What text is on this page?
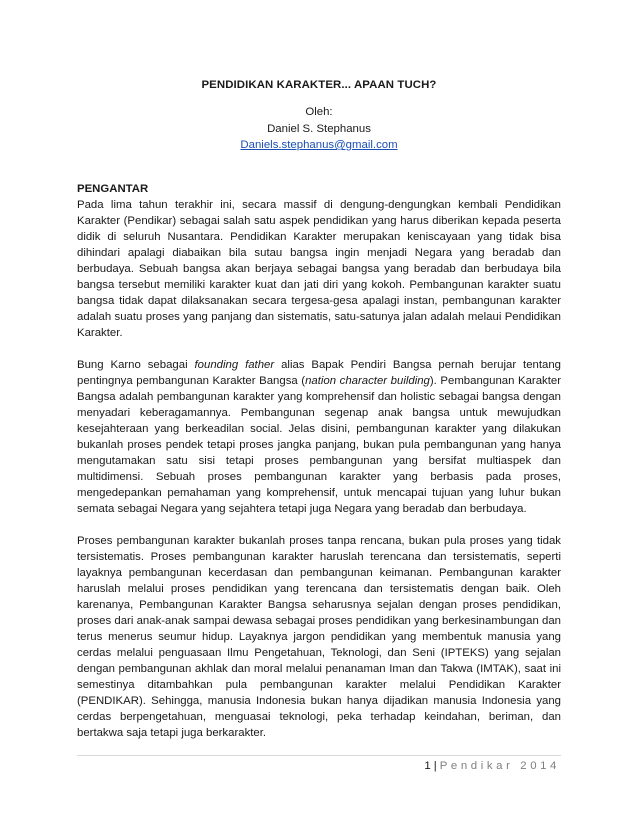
PENDIDIKAN KARAKTER... APAAN TUCH?
Oleh:
Daniel S. Stephanus
Daniels.stephanus@gmail.com
PENGANTAR

Pada lima tahun terakhir ini, secara massif di dengung-dengungkan kembali Pendidikan Karakter (Pendikar) sebagai salah satu aspek pendidikan yang harus diberikan kepada peserta didik di seluruh Nusantara. Pendidikan Karakter merupakan keniscayaan yang tidak bisa dihindari apalagi diabaikan bila sutau bangsa ingin menjadi Negara yang beradab dan berbudaya. Sebuah bangsa akan berjaya sebagai bangsa yang beradab dan berbudaya bila bangsa tersebut memiliki karakter kuat dan jati diri yang kokoh. Pembangunan karakter suatu bangsa tidak dapat dilaksanakan secara tergesa-gesa apalagi instan, pembangunan karakter adalah suatu proses yang panjang dan sistematis, satu-satunya jalan adalah melaui Pendidikan Karakter.

Bung Karno sebagai founding father alias Bapak Pendiri Bangsa pernah berujar tentang pentingnya pembangunan Karakter Bangsa (nation character building). Pembangunan Karakter Bangsa adalah pembangunan karakter yang komprehensif dan holistic sebagai bangsa dengan menyadari keberagamannya. Pembangunan segenap anak bangsa untuk mewujudkan kesejahteraan yang berkeadilan social. Jelas disini, pembangunan karakter yang dilakukan bukanlah proses pendek tetapi proses jangka panjang, bukan pula pembangunan yang hanya mengutamakan satu sisi tetapi proses pembangunan yang bersifat multiaspek dan multidimensi. Sebuah proses pembangunan karakter yang berbasis pada proses, mengedepankan pemahaman yang komprehensif, untuk mencapai tujuan yang luhur bukan semata sebagai Negara yang sejahtera tetapi juga Negara yang beradab dan berbudaya.

Proses pembangunan karakter bukanlah proses tanpa rencana, bukan pula proses yang tidak tersistematis. Proses pembangunan karakter haruslah terencana dan tersistematis, seperti layaknya pembangunan kecerdasan dan pembangunan keimanan. Pembangunan karakter haruslah melalui proses pendidikan yang terencana dan tersistematis dengan baik. Oleh karenanya, Pembangunan Karakter Bangsa seharusnya sejalan dengan proses pendidikan, proses dari anak-anak sampai dewasa sebagai proses pendidikan yang berkesinambungan dan terus menerus seumur hidup. Layaknya jargon pendidikan yang membentuk manusia yang cerdas melalui penguasaan Ilmu Pengetahuan, Teknologi, dan Seni (IPTEKS) yang sejalan dengan pembangunan akhlak dan moral melalui penanaman Iman dan Takwa (IMTAK), saat ini semestinya ditambahkan pula pembangunan karakter melalui Pendidikan Karakter (PENDIKAR). Sehingga, manusia Indonesia bukan hanya dijadikan manusia Indonesia yang cerdas berpengetahuan, menguasai teknologi, peka terhadap keindahan, beriman, dan bertakwa saja tetapi juga berkarakter.

1 | Pendikar 2014
